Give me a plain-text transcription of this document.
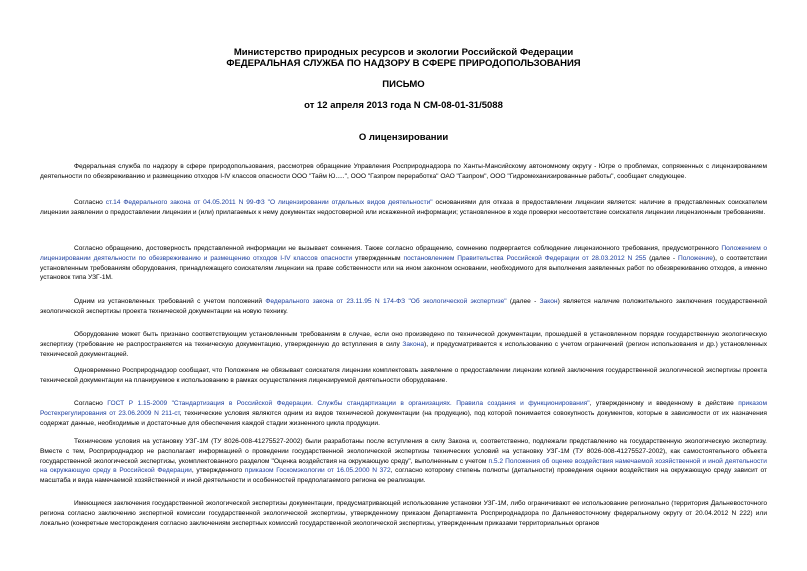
Министерство природных ресурсов и экологии Российской Федерации
ФЕДЕРАЛЬНАЯ СЛУЖБА ПО НАДЗОРУ В СФЕРЕ ПРИРОДОПОЛЬЗОВАНИЯ
ПИСЬМО
от 12 апреля 2013 года N СМ-08-01-31/5088
О лицензировании

Федеральная служба по надзору в сфере природопользования, рассмотрев обращение Управления Росприроднадзора по Ханты-Мансийскому автономному округу - Югре о проблемах, сопряженных с лицензированием деятельности по обезвреживанию и размещению отходов I-IV классов опасности ООО "Тайм Ю.....", ООО "Газпром переработка" ОАО "Газпром", ООО "Гидромеханизированные работы", сообщает следующее.

Согласно ст.14 Федерального закона от 04.05.2011 N 99-ФЗ "О лицензировании отдельных видов деятельности" основаниями для отказа в предоставлении лицензии является: наличие в представленных соискателем лицензии заявлении о предоставлении лицензии и (или) прилагаемых к нему документах недостоверной или искаженной информации; установленное в ходе проверки несоответствие соискателя лицензии лицензионным требованиям.

Согласно обращению, достоверность представленной информации не вызывает сомнения. Также согласно обращению, сомнению подвергается соблюдение лицензионного требования, предусмотренного Положением о лицензировании деятельности по обезвреживанию и размещению отходов I-IV классов опасности утвержденным постановлением Правительства Российской Федерации от 28.03.2012 N 255 (далее - Положение), о соответствии установленным требованиям оборудования, принадлежащего соискателям лицензии на праве собственности или на ином законном основании, необходимого для выполнения заявленных работ по обезвреживанию отходов, а именно установок типа УЗГ-1М.

Одним из установленных требований с учетом положений Федерального закона от 23.11.95 N 174-ФЗ "Об экологической экспертизе" (далее - Закон) является наличие положительного заключения государственной экологической экспертизы проекта технической документации на новую технику.

Оборудование может быть признано соответствующим установленным требованиям в случае, если оно произведено по технической документации, прошедшей в установленном порядке государственную экологическую экспертизу (требование не распространяется на техническую документацию, утвержденную до вступления в силу Закона), и предусматривается к использованию с учетом ограничений (регион использования и др.) установленных технической документацией.

Одновременно Росприроднадзор сообщает, что Положение не обязывает соискателя лицензии комплектовать заявление о предоставлении лицензии копией заключения государственной экологической экспертизы проекта технической документации на планируемое к использованию в рамках осуществления лицензируемой деятельности оборудование.

Согласно ГОСТ Р 1.15-2009 "Стандартизация в Российской Федерации. Службы стандартизации в организациях. Правила создания и функционирования", утвержденному и введенному в действие приказом Ростехрегулирования от 23.06.2009 N 211-ст, технические условия являются одним из видов технической документации (на продукцию), под которой понимается совокупность документов, которые в зависимости от их назначения содержат данные, необходимые и достаточные для обеспечения каждой стадии жизненного цикла продукции.

Технические условия на установку УЗГ-1М (ТУ 8026-008-41275527-2002) были разработаны после вступления в силу Закона и, соответственно, подлежали представлению на государственную экологическую экспертизу. Вместе с тем, Росприроднадзор не располагает информацией о проведении государственной экологической экспертизы технических условий на установку УЗГ-1М (ТУ 8026-008-41275527-2002), как самостоятельного объекта государственной экологической экспертизы, укомплектованного разделом "Оценка воздействия на окружающую среду", выполненным с учетом п.5.2 Положения об оценке воздействия намечаемой хозяйственной и иной деятельности на окружающую среду в Российской Федерации, утвержденного приказом Госкомэкологии от 16.05.2000 N 372, согласно которому степень полноты (детальности) проведения оценки воздействия на окружающую среду зависит от масштаба и вида намечаемой хозяйственной и иной деятельности и особенностей предполагаемого региона ее реализации.

Имеющиеся заключения государственной экологической экспертизы документации, предусматривающей использование установки УЗГ-1М, либо ограничивают ее использование регионально (территория Дальневосточного региона согласно заключению экспертной комиссии государственной экологической экспертизы, утвержденному приказом Департамента Росприроднадзора по Дальневосточному федеральному округу от 20.04.2012 N 222) или локально (конкретные месторождения согласно заключениям экспертных комиссий государственной экологической экспертизы, утвержденным приказами территориальных органов
